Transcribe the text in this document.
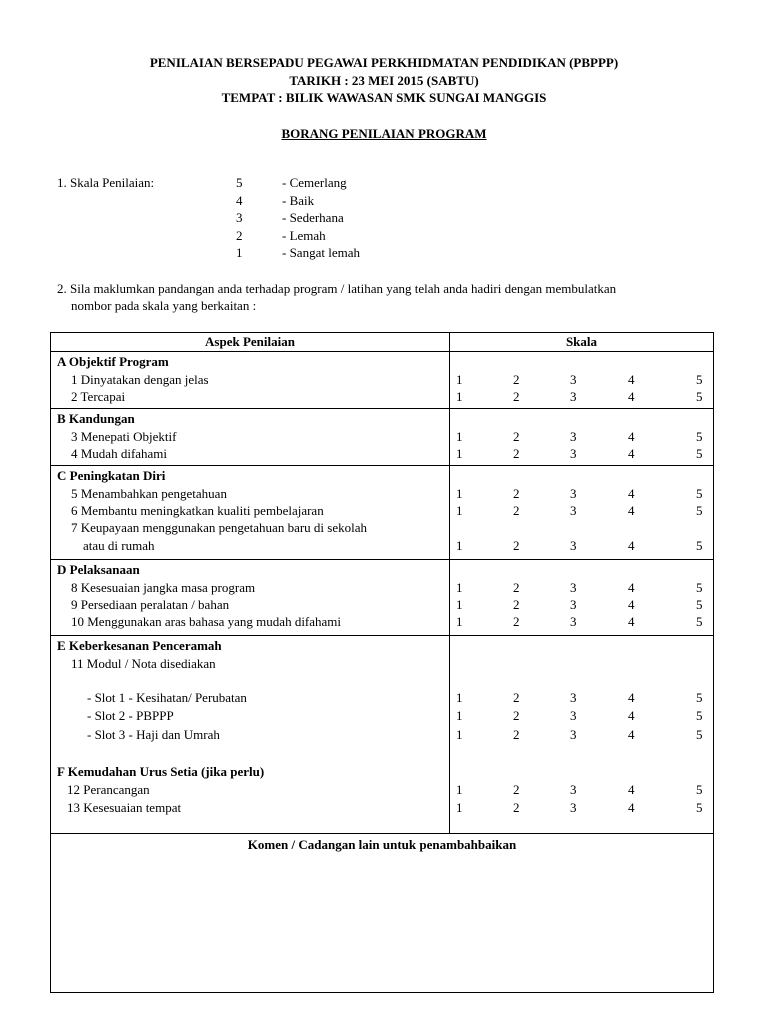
PENILAIAN BERSEPADU PEGAWAI PERKHIDMATAN PENDIDIKAN (PBPPP)
TARIKH : 23 MEI 2015 (SABTU)
TEMPAT : BILIK WAWASAN SMK SUNGAI MANGGIS
BORANG PENILAIAN PROGRAM
1. Skala Penilaian:	5	- Cemerlang
4	- Baik
3	- Sederhana
2	- Lemah
1	- Sangat lemah
2. Sila maklumkan pandangan anda terhadap program / latihan yang telah anda hadiri dengan membulatkan
nombor pada skala yang berkaitan :
Aspek Penilaian	Skala
A Objektif Program
1 Dinyatakan dengan jelas	1	2	3	4	5
2 Tercapai	1	2	3	4	5
B Kandungan
3 Menepati Objektif	1	2	3	4	5
4 Mudah difahami	1	2	3	4	5
C Peningkatan Diri
5 Menambahkan pengetahuan	1	2	3	4	5
6 Membantu meningkatkan kualiti pembelajaran	1	2	3	4	5
7 Keupayaan menggunakan pengetahuan baru di sekolah
atau di rumah	1	2	3	4	5
D Pelaksanaan
8 Kesesuaian jangka masa program	1	2	3	4	5
9 Persediaan peralatan / bahan	1	2	3	4	5
10 Menggunakan aras bahasa yang mudah difahami	1	2	3	4	5
E Keberkesanan Penceramah
11 Modul / Nota disediakan
- Slot 1 - Kesihatan/ Perubatan	1	2	3	4	5
- Slot 2 - PBPPP	1	2	3	4	5
- Slot 3 - Haji dan Umrah	1	2	3	4	5
F Kemudahan Urus Setia (jika perlu)
12 Perancangan	1	2	3	4	5
13 Kesesuaian tempat	1	2	3	4	5
Komen / Cadangan lain untuk penambahbaikan
